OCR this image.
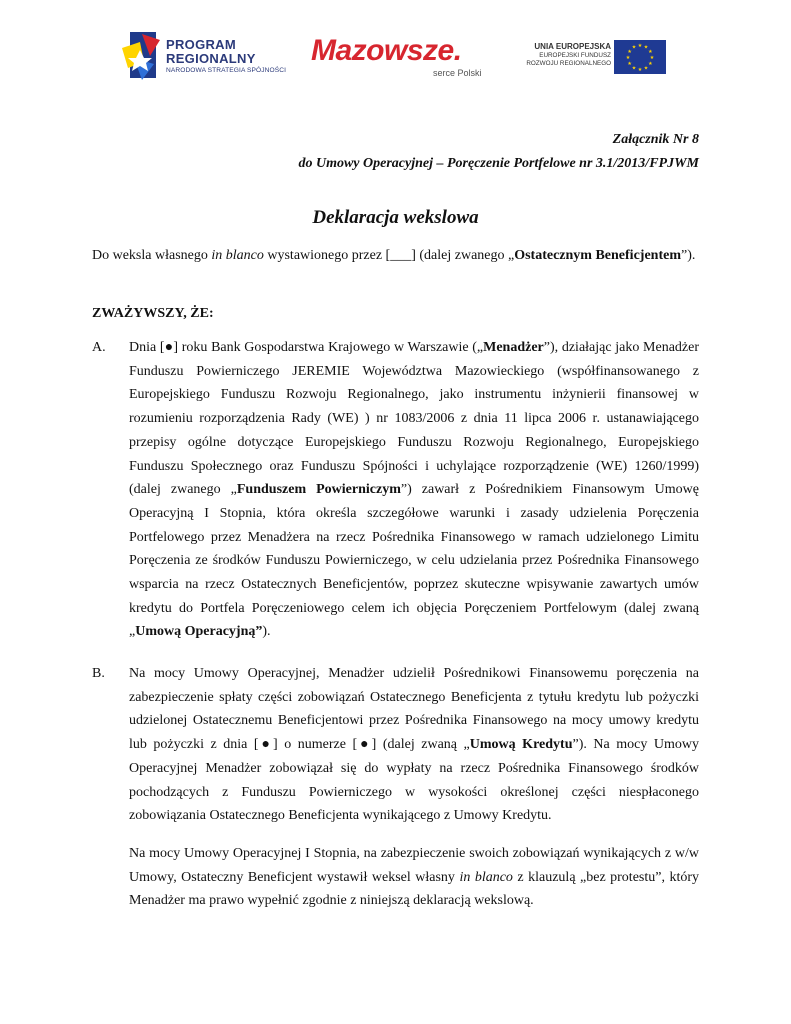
PROGRAM
REGIONALNY
NARODOWA STRATEGIA SPÓJNOŚCI
Mazowsze.
serce Polski
UNIA EUROPEJSKA
EUROPEJSKI FUNDUSZ
ROZWOJU REGIONALNEGO
★ ★
★
★
★
★
★
★
★
★
★
★
Załącznik Nr 8
do Umowy Operacyjnej – Poręczenie Portfelowe nr 3.1/2013/FPJWM
Deklaracja wekslowa
Do weksla własnego in blanco wystawionego przez [___] (dalej zwanego „Ostatecznym Beneficjentem”).
ZWAŻYWSZY, ŻE:
A. Dnia [●] roku Bank Gospodarstwa Krajowego w Warszawie („Menadżer”), działając jako Menadżer Funduszu Powierniczego JEREMIE Województwa Mazowieckiego (współfinansowanego z Europejskiego Funduszu Rozwoju Regionalnego, jako instrumentu inżynierii finansowej w rozumieniu rozporządzenia Rady (WE) ) nr 1083/2006 z dnia 11 lipca 2006 r. ustanawiającego przepisy ogólne dotyczące Europejskiego Funduszu Rozwoju Regionalnego, Europejskiego Funduszu Społecznego oraz Funduszu Spójności i uchylające rozporządzenie (WE) 1260/1999) (dalej zwanego „Funduszem Powierniczym”) zawarł z Pośrednikiem Finansowym Umowę Operacyjną I Stopnia, która określa szczegółowe warunki i zasady udzielenia Poręczenia Portfelowego przez Menadżera na rzecz Pośrednika Finansowego w ramach udzielonego Limitu Poręczenia ze środków Funduszu Powierniczego, w celu udzielania przez Pośrednika Finansowego wsparcia na rzecz Ostatecznych Beneficjentów, poprzez skuteczne wpisywanie zawartych umów kredytu do Portfela Poręczeniowego celem ich objęcia Poręczeniem Portfelowym (dalej zwaną „Umową Operacyjną”).
B. Na mocy Umowy Operacyjnej, Menadżer udzielił Pośrednikowi Finansowemu poręczenia na zabezpieczenie spłaty części zobowiązań Ostatecznego Beneficjenta z tytułu kredytu lub pożyczki udzielonej Ostatecznemu Beneficjentowi przez Pośrednika Finansowego na mocy umowy kredytu lub pożyczki z dnia [●] o numerze [●] (dalej zwaną „Umową Kredytu”). Na mocy Umowy Operacyjnej Menadżer zobowiązał się do wypłaty na rzecz Pośrednika Finansowego środków pochodzących z Funduszu Powierniczego w wysokości określonej części niespłaconego zobowiązania Ostatecznego Beneficjenta wynikającego z Umowy Kredytu.
Na mocy Umowy Operacyjnej I Stopnia, na zabezpieczenie swoich zobowiązań wynikających z w/w Umowy, Ostateczny Beneficjent wystawił weksel własny in blanco z klauzulą „bez protestu”, który Menadżer ma prawo wypełnić zgodnie z niniejszą deklaracją wekslową.
